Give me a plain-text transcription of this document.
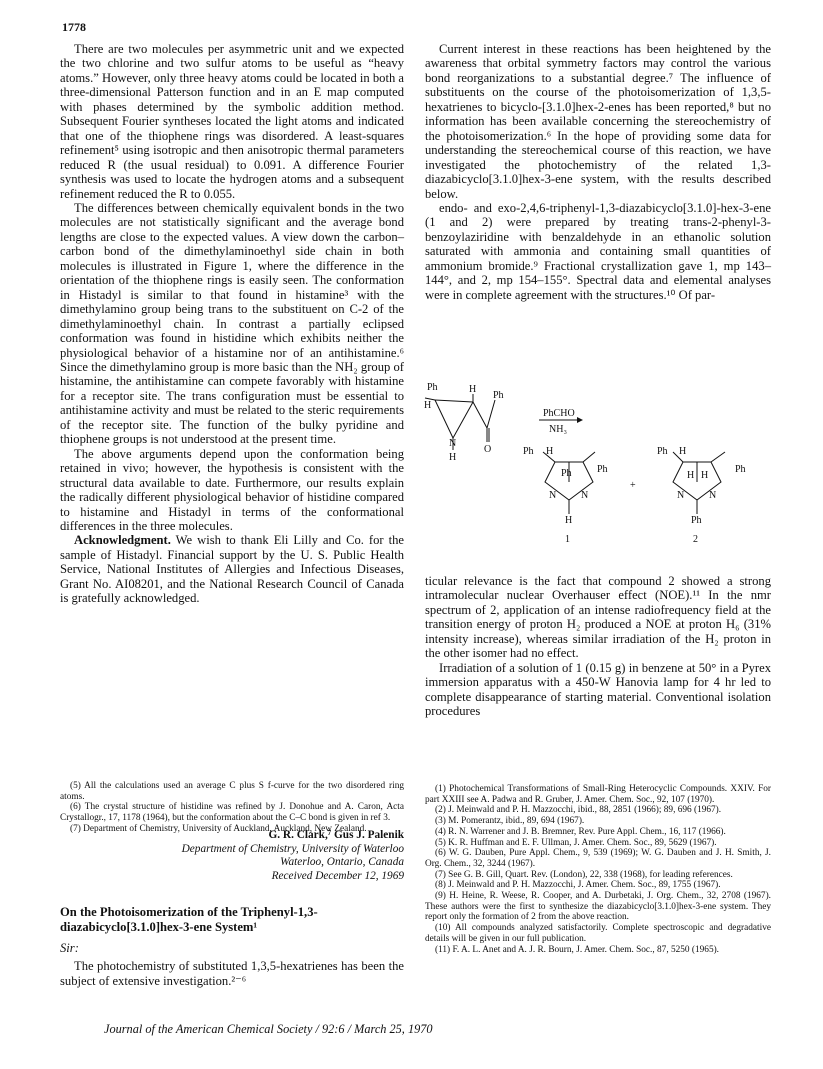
1778

There are two molecules per asymmetric unit and we expected the two chlorine and two sulfur atoms to be useful as “heavy atoms.” However, only three heavy atoms could be located in both a three-dimensional Patterson function and in an E map computed with phases determined by the symbolic addition method. Subsequent Fourier syntheses located the light atoms and indicated that one of the thiophene rings was disordered. A least-squares refinement⁵ using isotropic and then anisotropic thermal parameters reduced R (the usual residual) to 0.091. A difference Fourier synthesis was used to locate the hydrogen atoms and a subsequent refinement reduced the R to 0.055.

The differences between chemically equivalent bonds in the two molecules are not statistically significant and the average bond lengths are close to the expected values. A view down the carbon–carbon bond of the dimethylaminoethyl side chain in both molecules is illustrated in Figure 1, where the difference in the orientation of the thiophene rings is easily seen. The conformation in Histadyl is similar to that found in histamine³ with the dimethylamino group being trans to the substituent on C-2 of the dimethylaminoethyl chain. In contrast a partially eclipsed conformation was found in histidine which exhibits neither the physiological behavior of a histamine nor of an antihistamine.⁶ Since the dimethylamino group is more basic than the NH₂ group of histamine, the antihistamine can compete favorably with histamine for a receptor site. The trans configuration must be essential to antihistamine activity and must be related to the steric requirements of the receptor site. The function of the bulky pyridine and thiophene groups is not understood at the present time.

The above arguments depend upon the conformation being retained in vivo; however, the hypothesis is consistent with the structural data available to date. Furthermore, our results explain the radically different physiological behavior of histidine compared to histamine and Histadyl in terms of the conformational differences in the three molecules.

Acknowledgment. We wish to thank Eli Lilly and Co. for the sample of Histadyl. Financial support by the U. S. Public Health Service, National Institutes of Allergies and Infectious Diseases, Grant No. AI08201, and the National Research Council of Canada is gratefully acknowledged.

(5) All the calculations used an average C plus S f-curve for the two disordered ring atoms.

(6) The crystal structure of histidine was refined by J. Donohue and A. Caron, Acta Crystallogr., 17, 1178 (1964), but the conformation about the C–C bond is given in ref 3.

(7) Department of Chemistry, University of Auckland, Auckland, New Zealand.

G. R. Clark,⁷ Gus J. Palenik
Department of Chemistry, University of Waterloo
Waterloo, Ontario, Canada
Received December 12, 1969
On the Photoisomerization of the Triphenyl-1,3-diazabicyclo[3.1.0]hex-3-ene System¹
Sir:

The photochemistry of substituted 1,3,5-hexatrienes has been the subject of extensive investigation.²⁻⁶

Current interest in these reactions has been heightened by the awareness that orbital symmetry factors may control the various bond reorganizations to a substantial degree.⁷ The influence of substituents on the course of the photoisomerization of 1,3,5-hexatrienes to bicyclo-[3.1.0]hex-2-enes has been reported,⁸ but no information has been available concerning the stereochemistry of the photoisomerization.⁶ In the hope of providing some data for understanding the stereochemical course of this reaction, we have investigated the photochemistry of the related 1,3-diazabicyclo[3.1.0]hex-3-ene system, with the results described below.

endo- and exo-2,4,6-triphenyl-1,3-diazabicyclo[3.1.0]-hex-3-ene (1 and 2) were prepared by treating trans-2-phenyl-3-benzoylaziridine with benzaldehyde in an ethanolic solution saturated with ammonia and containing small quantities of ammonium bromide.⁹ Fractional crystallization gave 1, mp 143–144°, and 2, mp 154–155°. Spectral data and elemental analyses were in complete agreement with the structures.¹⁰ Of par-

Ph
H
H
Ph
N
H
O
PhCHO
NH₃
Ph H
Ph
Ph
N N
H
1
+
Ph H
Ph
H H
N N
Ph
2

ticular relevance is the fact that compound 2 showed a strong intramolecular nuclear Overhauser effect (NOE).¹¹ In the nmr spectrum of 2, application of an intense radiofrequency field at the transition energy of proton H₂ produced a NOE at proton H₆ (31% intensity increase), whereas similar irradiation of the H₂ proton in the other isomer had no effect.

Irradiation of a solution of 1 (0.15 g) in benzene at 50° in a Pyrex immersion apparatus with a 450-W Hanovia lamp for 4 hr led to complete disappearance of starting material. Conventional isolation procedures

(1) Photochemical Transformations of Small-Ring Heterocyclic Compounds. XXIV. For part XXIII see A. Padwa and R. Gruber, J. Amer. Chem. Soc., 92, 107 (1970).

(2) J. Meinwald and P. H. Mazzocchi, ibid., 88, 2851 (1966); 89, 696 (1967).

(3) M. Pomerantz, ibid., 89, 694 (1967).

(4) R. N. Warrener and J. B. Bremner, Rev. Pure Appl. Chem., 16, 117 (1966).

(5) K. R. Huffman and E. F. Ullman, J. Amer. Chem. Soc., 89, 5629 (1967).

(6) W. G. Dauben, Pure Appl. Chem., 9, 539 (1969); W. G. Dauben and J. H. Smith, J. Org. Chem., 32, 3244 (1967).

(7) See G. B. Gill, Quart. Rev. (London), 22, 338 (1968), for leading references.

(8) J. Meinwald and P. H. Mazzocchi, J. Amer. Chem. Soc., 89, 1755 (1967).

(9) H. Heine, R. Weese, R. Cooper, and A. Durbetaki, J. Org. Chem., 32, 2708 (1967). These authors were the first to synthesize the diazabicyclo[3.1.0]hex-3-ene system. They report only the formation of 2 from the above reaction.

(10) All compounds analyzed satisfactorily. Complete spectroscopic and degradative details will be given in our full publication.

(11) F. A. L. Anet and A. J. R. Bourn, J. Amer. Chem. Soc., 87, 5250 (1965).

Journal of the American Chemical Society / 92:6 / March 25, 1970
